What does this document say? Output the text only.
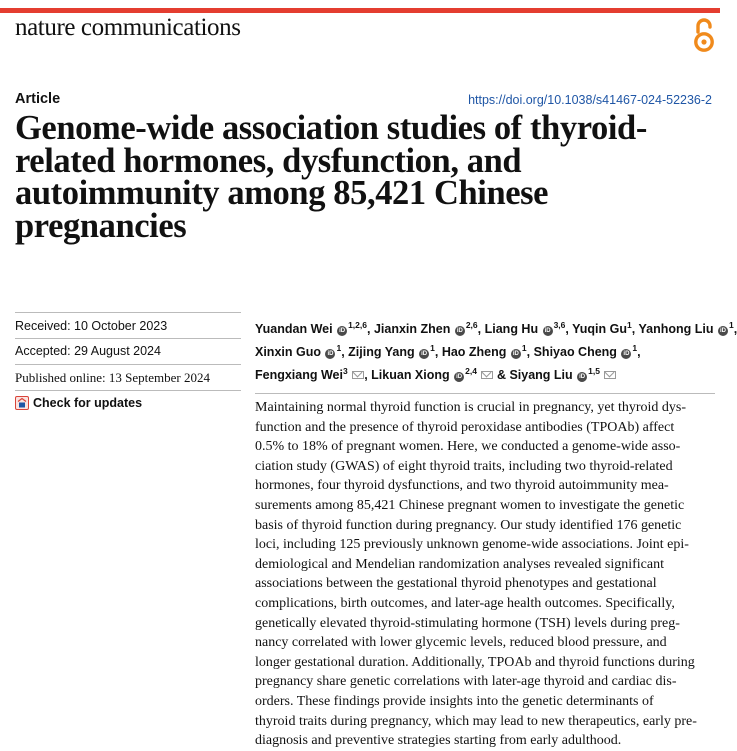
nature communications
Article	https://doi.org/10.1038/s41467-024-52236-2
Genome-wide association studies of thyroid-
related hormones, dysfunction, and
autoimmunity among 85,421 Chinese
pregnancies
Received: 10 October 2023
Accepted: 29 August 2024
Published online: 13 September 2024
Check for updates
Yuandan Wei iD$^{1,2,6}$, Jianxin Zhen iD$^{2,6}$, Liang Hu iD$^{3,6}$, Yuqin Gu$^1$, Yanhong Liu $iD^1$,
Xinxin Guo $iD^1$, Zijing Yang $iD^1$, Hao Zheng $iD^1$, Shiyao Cheng $iD^1$,
Fengxiang Wei$^3$ , Likuan Xiong iD$^{2,4}$ & Siyang Liu iD$^{1,5}$
Maintaining normal thyroid function is crucial in pregnancy, yet thyroid dys-
function and the presence of thyroid peroxidase antibodies (TPOAb) affect
0.5% to 18% of pregnant women. Here, we conducted a genome-wide asso-
ciation study (GWAS) of eight thyroid traits, including two thyroid-related
hormones, four thyroid dysfunctions, and two thyroid autoimmunity mea-
surements among 85,421 Chinese pregnant women to investigate the genetic
basis of thyroid function during pregnancy. Our study identified 176 genetic
loci, including 125 previously unknown genome-wide associations. Joint epi-
demiological and Mendelian randomization analyses revealed significant
associations between the gestational thyroid phenotypes and gestational
complications, birth outcomes, and later-age health outcomes. Specifically,
genetically elevated thyroid-stimulating hormone (TSH) levels during preg-
nancy correlated with lower glycemic levels, reduced blood pressure, and
longer gestational duration. Additionally, TPOAb and thyroid functions during
pregnancy share genetic correlations with later-age thyroid and cardiac dis-
orders. These findings provide insights into the genetic determinants of
thyroid traits during pregnancy, which may lead to new therapeutics, early pre-
diagnosis and preventive strategies starting from early adulthood.
